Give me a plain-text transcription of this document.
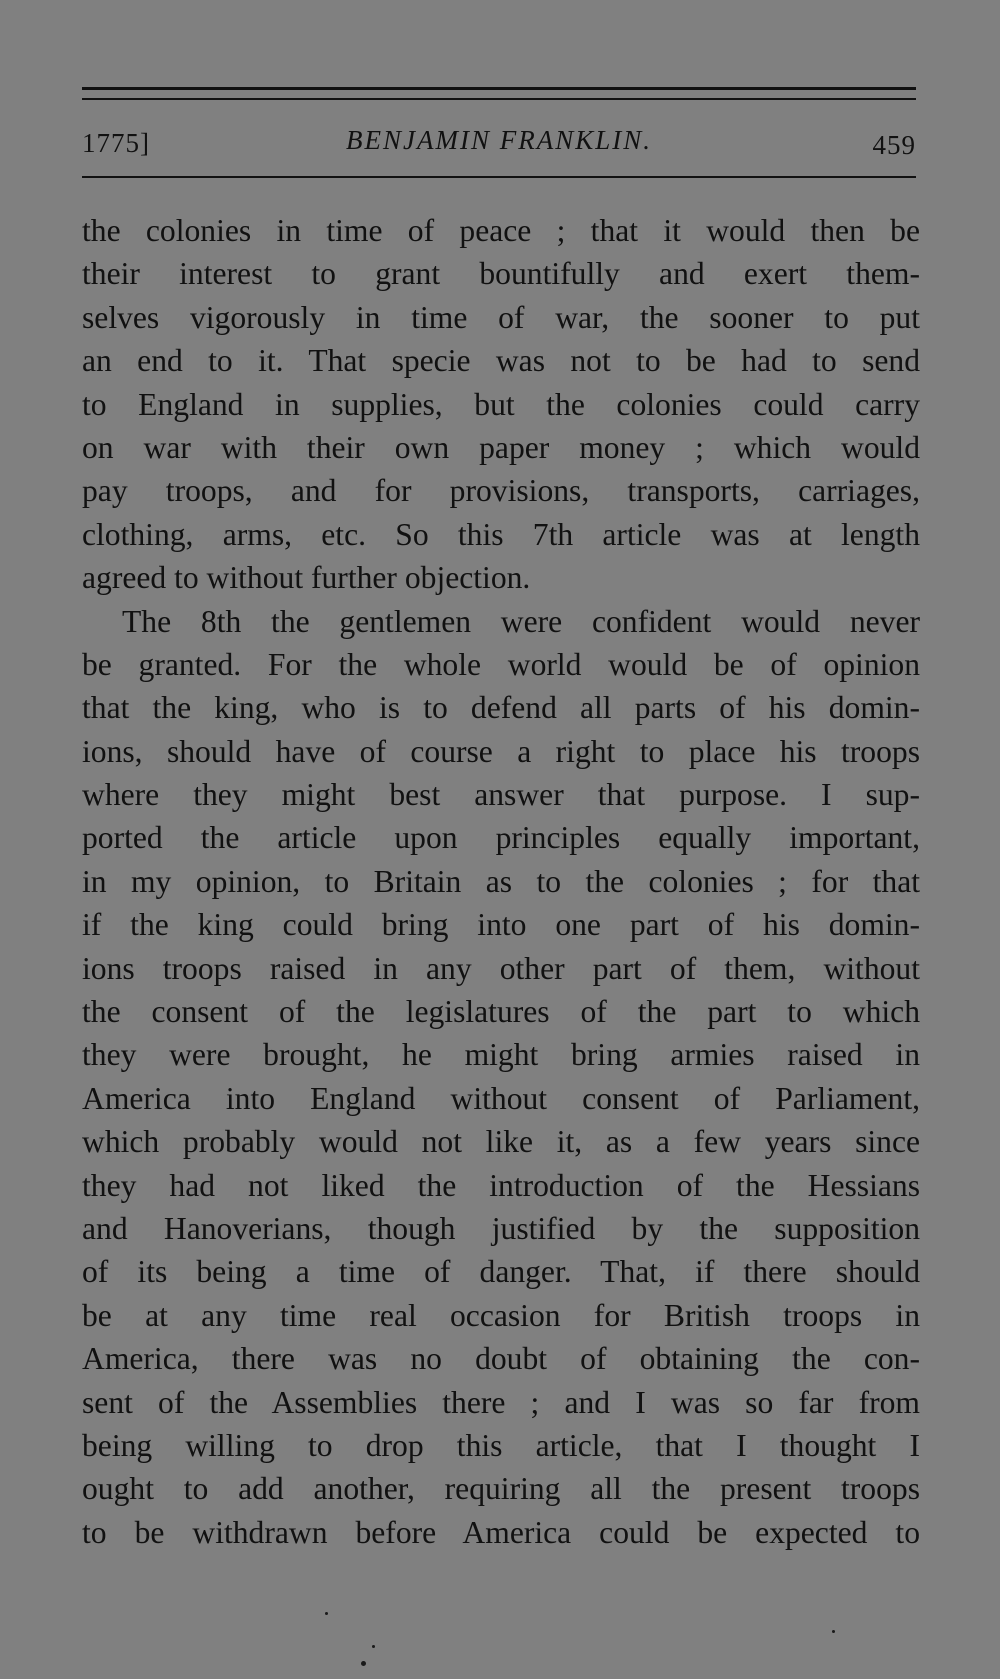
1775]	BENJAMIN FRANKLIN.	459
the colonies in time of peace ; that it would then be
their interest to grant bountifully and exert them-
selves vigorously in time of war, the sooner to put
an end to it. That specie was not to be had to send
to England in supplies, but the colonies could carry
on war with their own paper money ; which would
pay troops, and for provisions, transports, carriages,
clothing, arms, etc. So this 7th article was at length
agreed to without further objection.
The 8th the gentlemen were confident would never
be granted. For the whole world would be of opinion
that the king, who is to defend all parts of his domin-
ions, should have of course a right to place his troops
where they might best answer that purpose. I sup-
ported the article upon principles equally important,
in my opinion, to Britain as to the colonies ; for that
if the king could bring into one part of his domin-
ions troops raised in any other part of them, without
the consent of the legislatures of the part to which
they were brought, he might bring armies raised in
America into England without consent of Parliament,
which probably would not like it, as a few years since
they had not liked the introduction of the Hessians
and Hanoverians, though justified by the supposition
of its being a time of danger. That, if there should
be at any time real occasion for British troops in
America, there was no doubt of obtaining the con-
sent of the Assemblies there ; and I was so far from
being willing to drop this article, that I thought I
ought to add another, requiring all the present troops
to be withdrawn before America could be expected to
